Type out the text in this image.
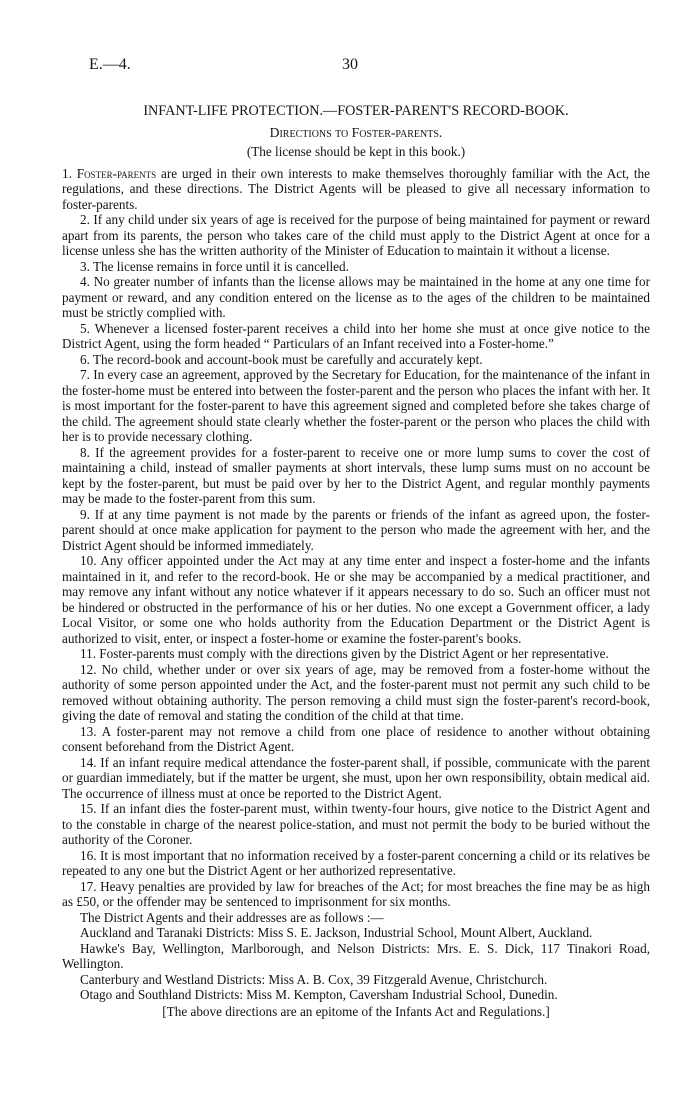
E.—4.	30
INFANT-LIFE PROTECTION.—FOSTER-PARENT'S RECORD-BOOK.
Directions to Foster-parents.
(The license should be kept in this book.)

1. Foster-parents are urged in their own interests to make themselves thoroughly familiar with the Act, the regulations, and these directions. The District Agents will be pleased to give all necessary information to foster-parents.

2. If any child under six years of age is received for the purpose of being maintained for payment or reward apart from its parents, the person who takes care of the child must apply to the District Agent at once for a license unless she has the written authority of the Minister of Education to maintain it without a license.

3. The license remains in force until it is cancelled.

4. No greater number of infants than the license allows may be maintained in the home at any one time for payment or reward, and any condition entered on the license as to the ages of the children to be maintained must be strictly complied with.

5. Whenever a licensed foster-parent receives a child into her home she must at once give notice to the District Agent, using the form headed “ Particulars of an Infant received into a Foster-home.”

6. The record-book and account-book must be carefully and accurately kept.

7. In every case an agreement, approved by the Secretary for Education, for the maintenance of the infant in the foster-home must be entered into between the foster-parent and the person who places the infant with her. It is most important for the foster-parent to have this agreement signed and completed before she takes charge of the child. The agreement should state clearly whether the foster-parent or the person who places the child with her is to provide necessary clothing.

8. If the agreement provides for a foster-parent to receive one or more lump sums to cover the cost of maintaining a child, instead of smaller payments at short intervals, these lump sums must on no account be kept by the foster-parent, but must be paid over by her to the District Agent, and regular monthly payments may be made to the foster-parent from this sum.

9. If at any time payment is not made by the parents or friends of the infant as agreed upon, the foster-parent should at once make application for payment to the person who made the agreement with her, and the District Agent should be informed immediately.

10. Any officer appointed under the Act may at any time enter and inspect a foster-home and the infants maintained in it, and refer to the record-book. He or she may be accompanied by a medical practitioner, and may remove any infant without any notice whatever if it appears necessary to do so. Such an officer must not be hindered or obstructed in the performance of his or her duties. No one except a Government officer, a lady Local Visitor, or some one who holds authority from the Education Department or the District Agent is authorized to visit, enter, or inspect a foster-home or examine the foster-parent's books.

11. Foster-parents must comply with the directions given by the District Agent or her representative.

12. No child, whether under or over six years of age, may be removed from a foster-home without the authority of some person appointed under the Act, and the foster-parent must not permit any such child to be removed without obtaining authority. The person removing a child must sign the foster-parent's record-book, giving the date of removal and stating the condition of the child at that time.

13. A foster-parent may not remove a child from one place of residence to another without obtaining consent beforehand from the District Agent.

14. If an infant require medical attendance the foster-parent shall, if possible, communicate with the parent or guardian immediately, but if the matter be urgent, she must, upon her own responsibility, obtain medical aid. The occurrence of illness must at once be reported to the District Agent.

15. If an infant dies the foster-parent must, within twenty-four hours, give notice to the District Agent and to the constable in charge of the nearest police-station, and must not permit the body to be buried without the authority of the Coroner.

16. It is most important that no information received by a foster-parent concerning a child or its relatives be repeated to any one but the District Agent or her authorized representative.

17. Heavy penalties are provided by law for breaches of the Act; for most breaches the fine may be as high as £50, or the offender may be sentenced to imprisonment for six months.

The District Agents and their addresses are as follows :—

Auckland and Taranaki Districts: Miss S. E. Jackson, Industrial School, Mount Albert, Auckland.

Hawke's Bay, Wellington, Marlborough, and Nelson Districts: Mrs. E. S. Dick, 117 Tinakori Road, Wellington.

Canterbury and Westland Districts: Miss A. B. Cox, 39 Fitzgerald Avenue, Christchurch.

Otago and Southland Districts: Miss M. Kempton, Caversham Industrial School, Dunedin.

[The above directions are an epitome of the Infants Act and Regulations.]
